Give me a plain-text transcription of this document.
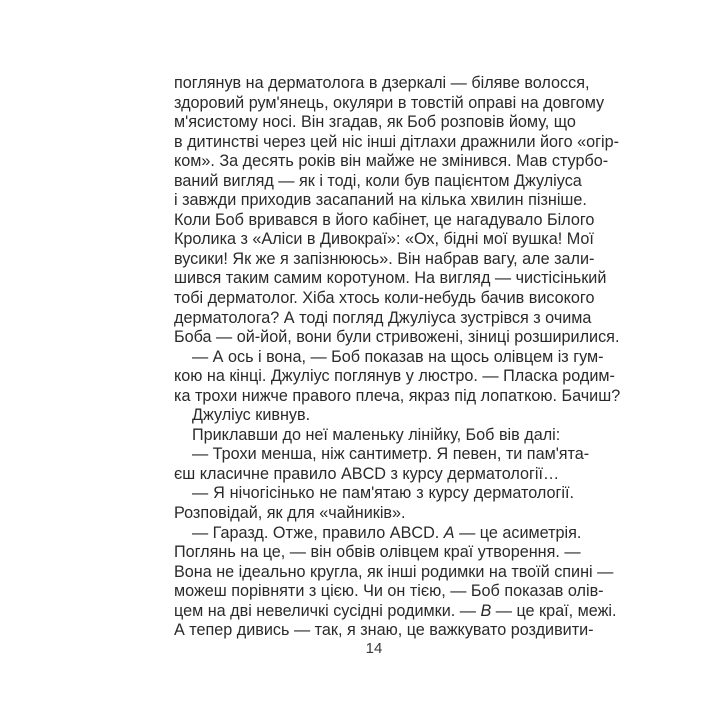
поглянув на дерматолога в дзеркалі — біляве волосся,
здоровий рум'янець, окуляри в товстій оправі на довгому
м'ясистому носі. Він згадав, як Боб розповів йому, що
в дитинстві через цей ніс інші дітлахи дражнили його «огір-
ком». За десять років він майже не змінився. Мав стурбо-
ваний вигляд — як і тоді, коли був пацієнтом Джуліуса
і завжди приходив засапаний на кілька хвилин пізніше.
Коли Боб вривався в його кабінет, це нагадувало Білого
Кролика з «Аліси в Дивокраї»: «Ох, бідні мої вушка! Мої
вусики! Як же я запізнююсь». Він набрав вагу, але зали-
шився таким самим коротуном. На вигляд — чистісінький
тобі дерматолог. Хіба хтось коли-небудь бачив високого
дерматолога? А тоді погляд Джуліуса зустрівся з очима
Боба — ой-йой, вони були стривожені, зіниці розширилися.
— А ось і вона, — Боб показав на щось олівцем із гум-
кою на кінці. Джуліус поглянув у люстро. — Пласка родим-
ка трохи нижче правого плеча, якраз під лопаткою. Бачиш?
Джуліус кивнув.
Приклавши до неї маленьку лінійку, Боб вів далі:
— Трохи менша, ніж сантиметр. Я певен, ти пам'ята-
єш класичне правило ABCD з курсу дерматології…
— Я нічогісінько не пам'ятаю з курсу дерматології.
Розповідай, як для «чайників».
— Гаразд. Отже, правило ABCD. A — це асиметрія.
Поглянь на це, — він обвів олівцем краї утворення. —
Вона не ідеально кругла, як інші родимки на твоїй спині —
можеш порівняти з цією. Чи он тією, — Боб показав олів-
цем на дві невеличкі сусідні родимки. — B — це краї, межі.
А тепер дивись — так, я знаю, це важкувато роздивити-
14
